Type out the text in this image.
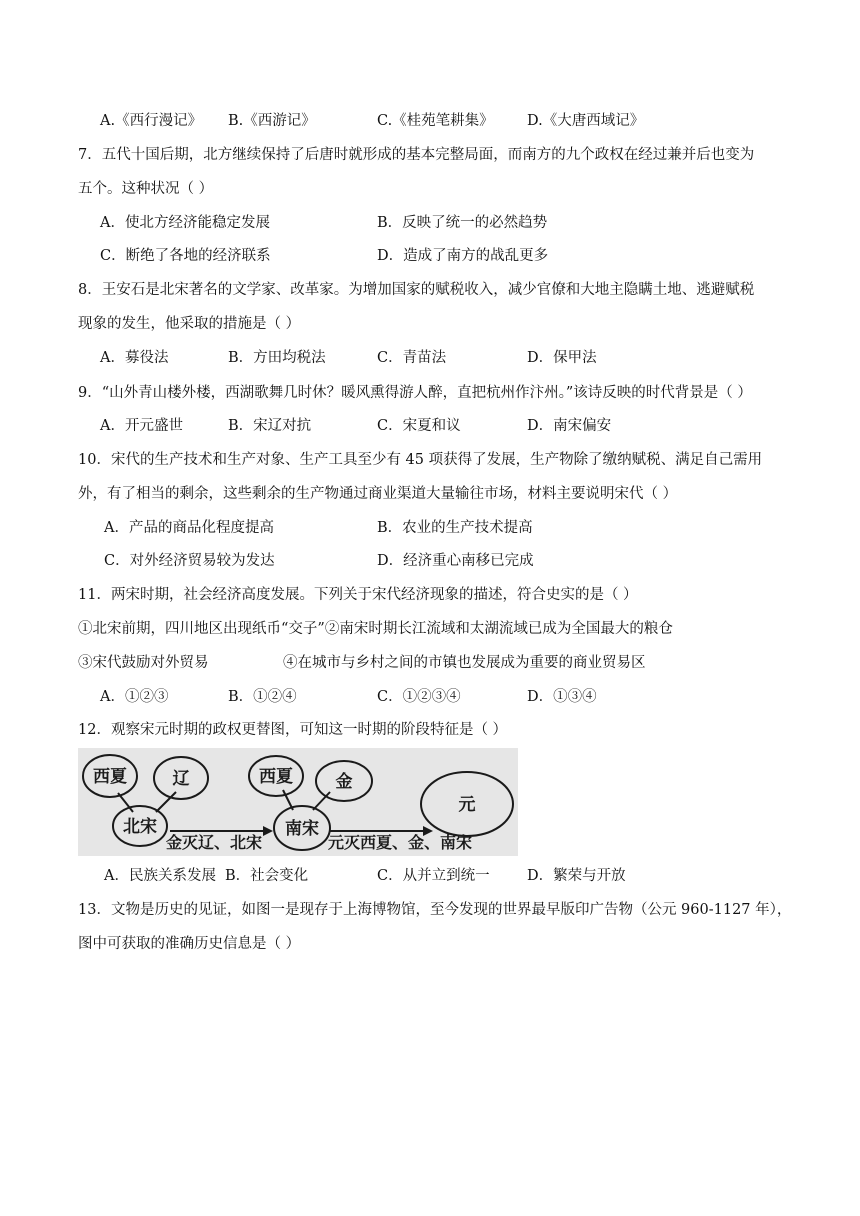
A.《西行漫记》 B.《西游记》	C.《桂苑笔耕集》 D.《大唐西域记》
7．五代十国后期，北方继续保持了后唐时就形成的基本完整局面，而南方的九个政权在经过兼并后也变为
五个。这种状况（ ）
A．使北方经济能稳定发展	B．反映了统一的必然趋势
C．断绝了各地的经济联系	D．造成了南方的战乱更多
8．王安石是北宋著名的文学家、改革家。为增加国家的赋税收入，减少官僚和大地主隐瞒土地、逃避赋税
现象的发生，他采取的措施是（ ）
A．募役法	B．方田均税法	C．青苗法	D．保甲法
9．“山外青山楼外楼，西湖歌舞几时休？暖风熏得游人醉，直把杭州作汴州。”该诗反映的时代背景是（ ）
A．开元盛世	B．宋辽对抗	C．宋夏和议	D．南宋偏安
10．宋代的生产技术和生产对象、生产工具至少有 45 项获得了发展，生产物除了缴纳赋税、满足自己需用
外，有了相当的剩余，这些剩余的生产物通过商业渠道大量输往市场，材料主要说明宋代（ ）
A．产品的商品化程度提高	B．农业的生产技术提高
C．对外经济贸易较为发达	D．经济重心南移已完成
11．两宋时期，社会经济高度发展。下列关于宋代经济现象的描述，符合史实的是（ ）
①北宋前期，四川地区出现纸币“交子”②南宋时期长江流域和太湖流域已成为全国最大的粮仓
③宋代鼓励对外贸易	④在城市与乡村之间的市镇也发展成为重要的商业贸易区
A．①②③	B．①②④	C．①②③④	D．①③④
12．观察宋元时期的政权更替图，可知这一时期的阶段特征是（ ）
西夏	辽
北宋
西夏	金
南宋
元
金灭辽、北宋	元灭西夏、金、南宋
A．民族关系发展 B．社会变化	C．从并立到统一	D．繁荣与开放
13．文物是历史的见证，如图一是现存于上海博物馆，至今发现的世界最早版印广告物（公元 960-1127 年），
图中可获取的准确历史信息是（ ）
